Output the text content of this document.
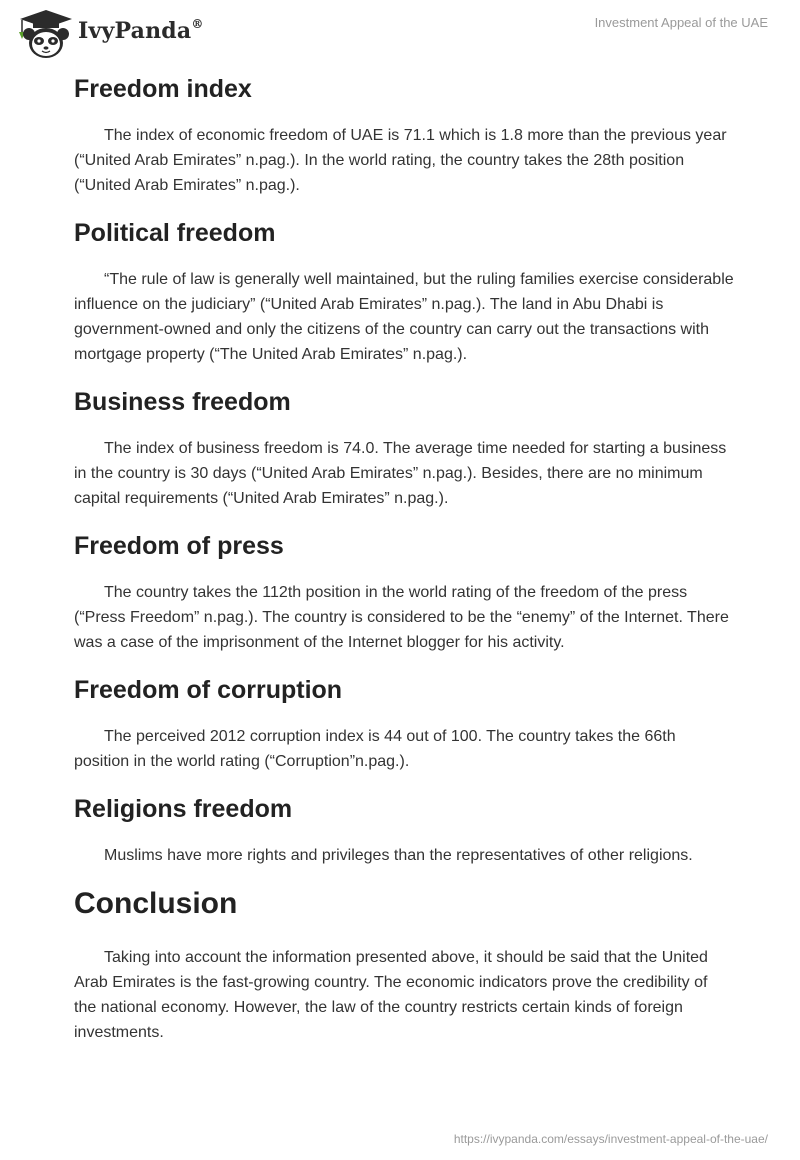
IvyPanda®	Investment Appeal of the UAE
Freedom index

The index of economic freedom of UAE is 71.1 which is 1.8 more than the previous year (“United Arab Emirates” n.pag.). In the world rating, the country takes the 28th position (“United Arab Emirates” n.pag.).

Political freedom

“The rule of law is generally well maintained, but the ruling families exercise considerable influence on the judiciary” (“United Arab Emirates” n.pag.). The land in Abu Dhabi is government-owned and only the citizens of the country can carry out the transactions with mortgage property (“The United Arab Emirates” n.pag.).

Business freedom

The index of business freedom is 74.0. The average time needed for starting a business in the country is 30 days (“United Arab Emirates” n.pag.). Besides, there are no minimum capital requirements (“United Arab Emirates” n.pag.).

Freedom of press

The country takes the 112th position in the world rating of the freedom of the press (“Press Freedom” n.pag.). The country is considered to be the “enemy” of the Internet. There was a case of the imprisonment of the Internet blogger for his activity.

Freedom of corruption

The perceived 2012 corruption index is 44 out of 100. The country takes the 66th position in the world rating (“Corruption”n.pag.).

Religions freedom

Muslims have more rights and privileges than the representatives of other religions.

Conclusion

Taking into account the information presented above, it should be said that the United Arab Emirates is the fast-growing country. The economic indicators prove the credibility of the national economy. However, the law of the country restricts certain kinds of foreign investments.

https://ivypanda.com/essays/investment-appeal-of-the-uae/
